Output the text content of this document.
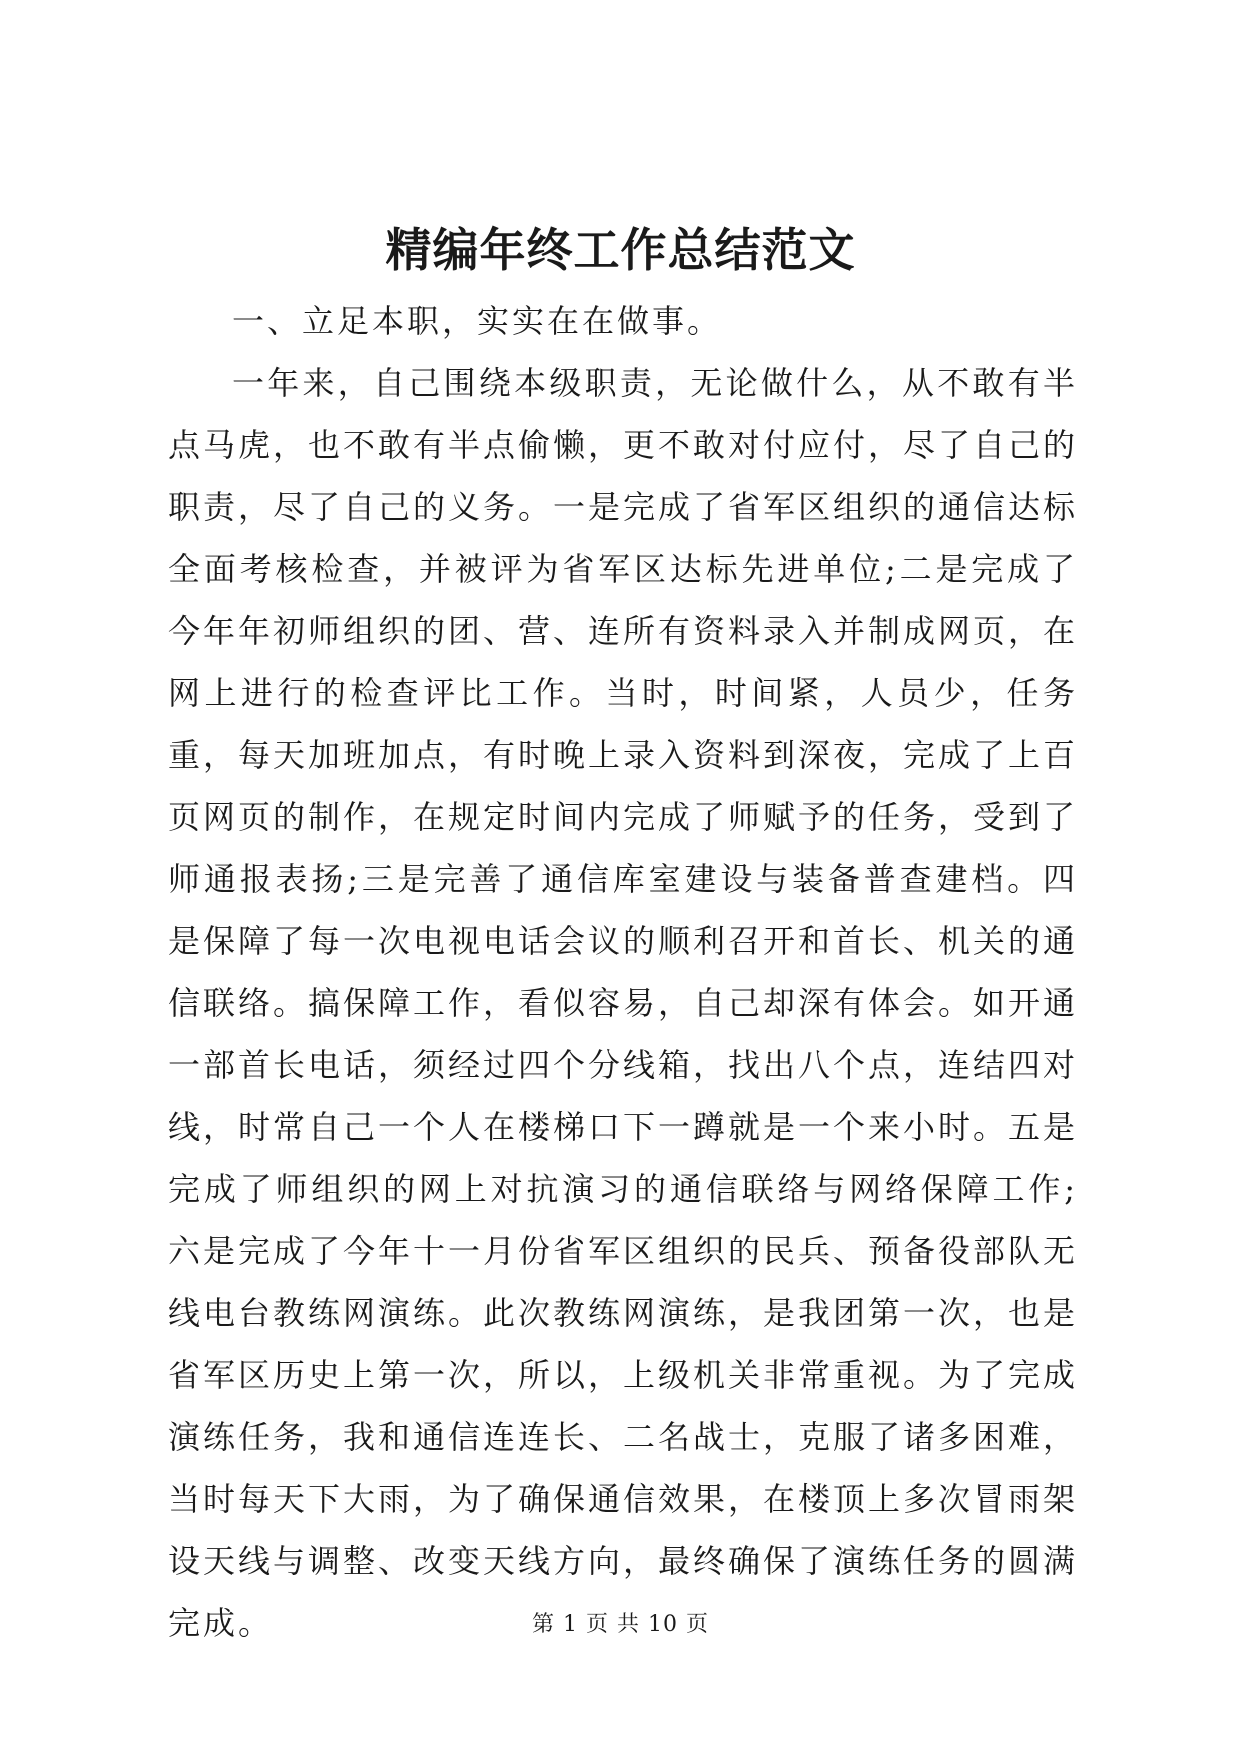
精编年终工作总结范文

一、立足本职，实实在在做事。

一年来，自己围绕本级职责，无论做什么，从不敢有半点马虎，也不敢有半点偷懒，更不敢对付应付，尽了自己的职责，尽了自己的义务。一是完成了省军区组织的通信达标全面考核检查，并被评为省军区达标先进单位;二是完成了今年年初师组织的团、营、连所有资料录入并制成网页，在网上进行的检查评比工作。当时，时间紧，人员少，任务重，每天加班加点，有时晚上录入资料到深夜，完成了上百页网页的制作，在规定时间内完成了师赋予的任务，受到了师通报表扬;三是完善了通信库室建设与装备普查建档。四是保障了每一次电视电话会议的顺利召开和首长、机关的通信联络。搞保障工作，看似容易，自己却深有体会。如开通一部首长电话，须经过四个分线箱，找出八个点，连结四对线，时常自己一个人在楼梯口下一蹲就是一个来小时。五是完成了师组织的网上对抗演习的通信联络与网络保障工作;六是完成了今年十一月份省军区组织的民兵、预备役部队无线电台教练网演练。此次教练网演练，是我团第一次，也是省军区历史上第一次，所以，上级机关非常重视。为了完成演练任务，我和通信连连长、二名战士，克服了诸多困难，当时每天下大雨，为了确保通信效果，在楼顶上多次冒雨架设天线与调整、改变天线方向，最终确保了演练任务的圆满完成。	第 1 页 共 10 页
